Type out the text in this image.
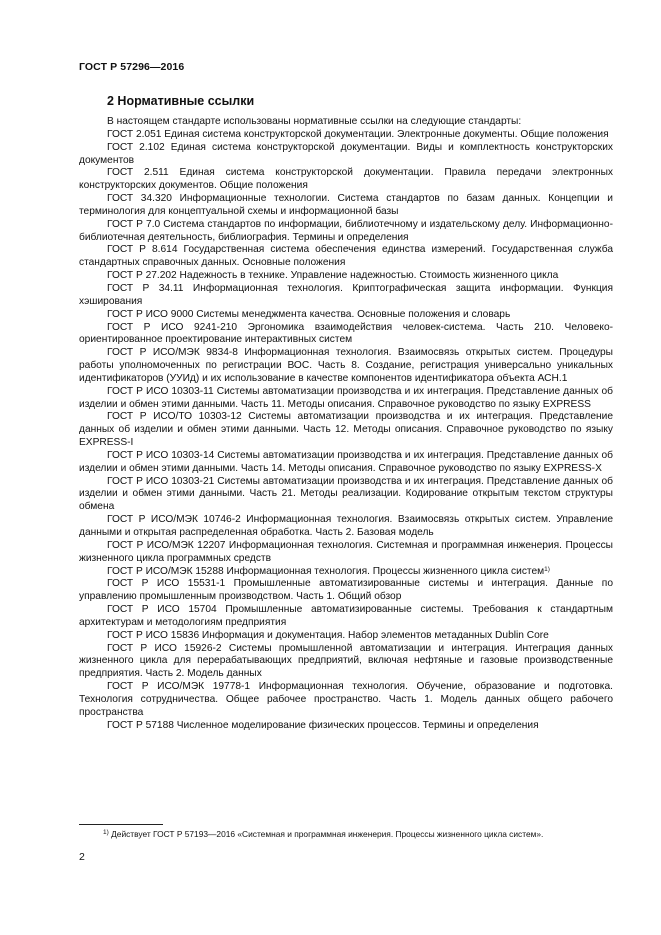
ГОСТ Р 57296—2016
2 Нормативные ссылки

В настоящем стандарте использованы нормативные ссылки на следующие стандарты:

ГОСТ 2.051 Единая система конструкторской документации. Электронные документы. Общие положения

ГОСТ 2.102 Единая система конструкторской документации. Виды и комплектность конструкторских документов

ГОСТ 2.511 Единая система конструкторской документации. Правила передачи электронных конструкторских документов. Общие положения

ГОСТ 34.320 Информационные технологии. Система стандартов по базам данных. Концепции и терминология для концептуальной схемы и информационной базы

ГОСТ Р 7.0 Система стандартов по информации, библиотечному и издательскому делу. Информационно-библиотечная деятельность, библиография. Термины и определения

ГОСТ Р 8.614 Государственная система обеспечения единства измерений. Государственная служба стандартных справочных данных. Основные положения

ГОСТ Р 27.202 Надежность в технике. Управление надежностью. Стоимость жизненного цикла

ГОСТ Р 34.11 Информационная технология. Криптографическая защита информации. Функция хэширования

ГОСТ Р ИСО 9000 Системы менеджмента качества. Основные положения и словарь

ГОСТ Р ИСО 9241-210 Эргономика взаимодействия человек-система. Часть 210. Человеко-ориентированное проектирование интерактивных систем

ГОСТ Р ИСО/МЭК 9834-8 Информационная технология. Взаимосвязь открытых систем. Процедуры работы уполномоченных по регистрации ВОС. Часть 8. Создание, регистрация универсально уникальных идентификаторов (УУИд) и их использование в качестве компонентов идентификатора объекта АСН.1

ГОСТ Р ИСО 10303-11 Системы автоматизации производства и их интеграция. Представление данных об изделии и обмен этими данными. Часть 11. Методы описания. Справочное руководство по языку EXPRESS

ГОСТ Р ИСО/ТО 10303-12 Системы автоматизации производства и их интеграция. Представление данных об изделии и обмен этими данными. Часть 12. Методы описания. Справочное руководство по языку EXPRESS-I

ГОСТ Р ИСО 10303-14 Системы автоматизации производства и их интеграция. Представление данных об изделии и обмен этими данными. Часть 14. Методы описания. Справочное руководство по языку EXPRESS-X

ГОСТ Р ИСО 10303-21 Системы автоматизации производства и их интеграция. Представление данных об изделии и обмен этими данными. Часть 21. Методы реализации. Кодирование открытым текстом структуры обмена

ГОСТ Р ИСО/МЭК 10746-2 Информационная технология. Взаимосвязь открытых систем. Управление данными и открытая распределенная обработка. Часть 2. Базовая модель

ГОСТ Р ИСО/МЭК 12207 Информационная технология. Системная и программная инженерия. Процессы жизненного цикла программных средств

ГОСТ Р ИСО/МЭК 15288 Информационная технология. Процессы жизненного цикла систем$^{1)}$

ГОСТ Р ИСО 15531-1 Промышленные автоматизированные системы и интеграция. Данные по управлению промышленным производством. Часть 1. Общий обзор

ГОСТ Р ИСО 15704 Промышленные автоматизированные системы. Требования к стандартным архитектурам и методологиям предприятия

ГОСТ Р ИСО 15836 Информация и документация. Набор элементов метаданных Dublin Core

ГОСТ Р ИСО 15926-2 Системы промышленной автоматизации и интеграция. Интеграция данных жизненного цикла для перерабатывающих предприятий, включая нефтяные и газовые производственные предприятия. Часть 2. Модель данных

ГОСТ Р ИСО/МЭК 19778-1 Информационная технология. Обучение, образование и подготовка. Технология сотрудничества. Общее рабочее пространство. Часть 1. Модель данных общего рабочего пространства

ГОСТ Р 57188 Численное моделирование физических процессов. Термины и определения

$^{1)}$ Действует ГОСТ Р 57193—2016 «Системная и программная инженерия. Процессы жизненного цикла систем».
2
